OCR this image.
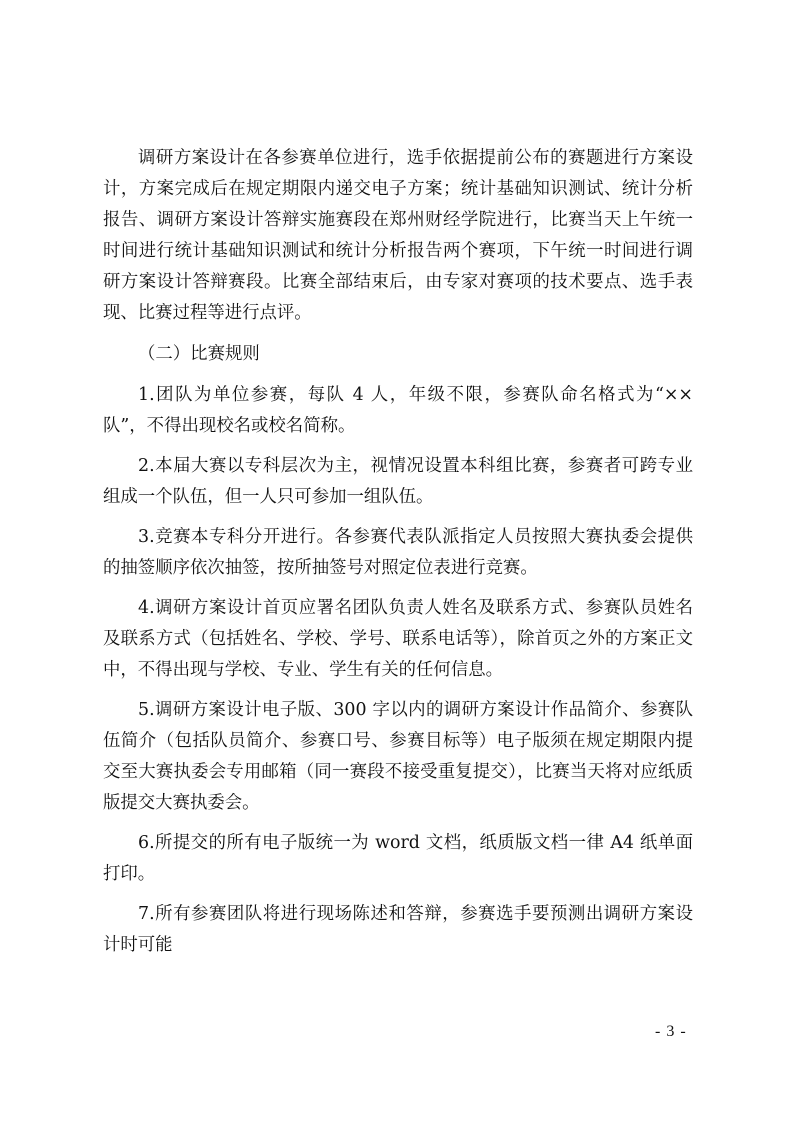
调研方案设计在各参赛单位进行，选手依据提前公布的赛题进行方案设计，方案完成后在规定期限内递交电子方案；统计基础知识测试、统计分析报告、调研方案设计答辩实施赛段在郑州财经学院进行，比赛当天上午统一时间进行统计基础知识测试和统计分析报告两个赛项，下午统一时间进行调研方案设计答辩赛段。比赛全部结束后，由专家对赛项的技术要点、选手表现、比赛过程等进行点评。

（二）比赛规则

1.团队为单位参赛，每队 4 人，年级不限，参赛队命名格式为“××队”，不得出现校名或校名简称。

2.本届大赛以专科层次为主，视情况设置本科组比赛，参赛者可跨专业组成一个队伍，但一人只可参加一组队伍。

3.竞赛本专科分开进行。各参赛代表队派指定人员按照大赛执委会提供的抽签顺序依次抽签，按所抽签号对照定位表进行竞赛。

4.调研方案设计首页应署名团队负责人姓名及联系方式、参赛队员姓名及联系方式（包括姓名、学校、学号、联系电话等），除首页之外的方案正文中，不得出现与学校、专业、学生有关的任何信息。

5.调研方案设计电子版、300 字以内的调研方案设计作品简介、参赛队伍简介（包括队员简介、参赛口号、参赛目标等）电子版须在规定期限内提交至大赛执委会专用邮箱（同一赛段不接受重复提交），比赛当天将对应纸质版提交大赛执委会。

6.所提交的所有电子版统一为 word 文档，纸质版文档一律 A4 纸单面打印。

7.所有参赛团队将进行现场陈述和答辩，参赛选手要预测出调研方案设计时可能

- 3 -
